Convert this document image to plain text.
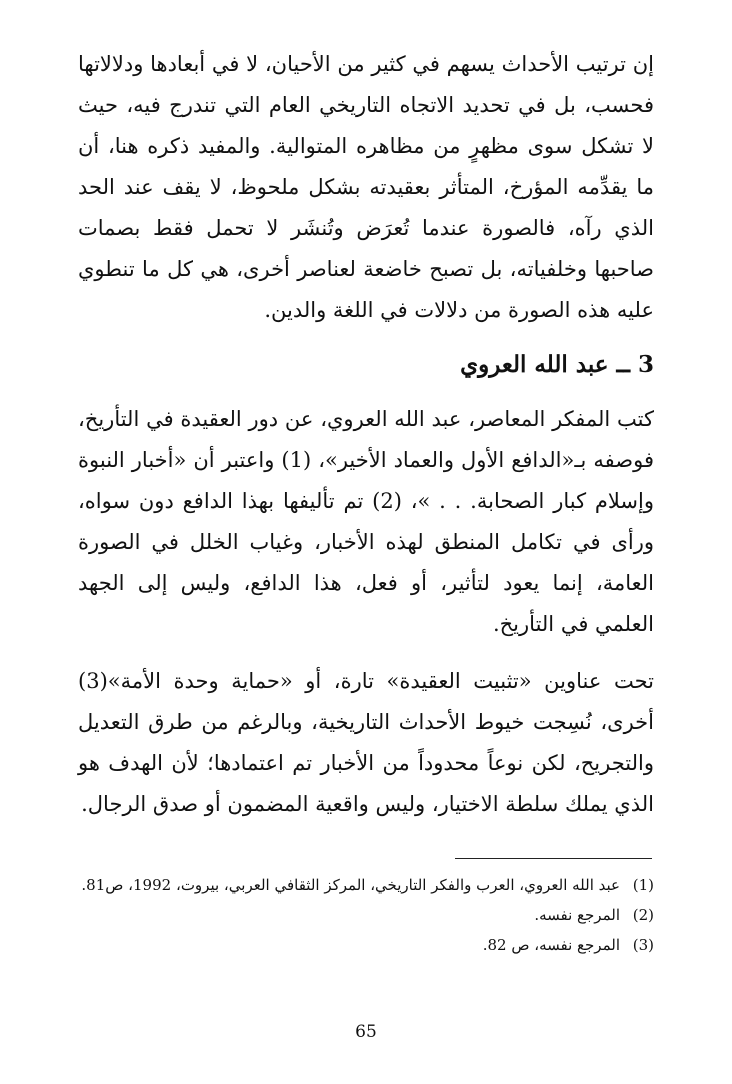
إن ترتيب الأحداث يسهم في كثير من الأحيان، لا في أبعادها ودلالاتها فحسب، بل في تحديد الاتجاه التاريخي العام التي تندرج فيه، حيث لا تشكل سوى مظهرٍ من مظاهره المتوالية. والمفيد ذكره هنا، أن ما يقدِّمه المؤرخ، المتأثر بعقيدته بشكل ملحوظ، لا يقف عند الحد الذي رآه، فالصورة عندما تُعرَض وتُنشَر لا تحمل فقط بصمات صاحبها وخلفياته، بل تصبح خاضعة لعناصر أخرى، هي كل ما تنطوي عليه هذه الصورة من دلالات في اللغة والدين.

3 ــ عبد الله العروي

كتب المفكر المعاصر، عبد الله العروي، عن دور العقيدة في التأريخ، فوصفه بـ«الدافع الأول والعماد الأخير»، (1) واعتبر أن «أخبار النبوة وإسلام كبار الصحابة. . . »، (2) تم تأليفها بهذا الدافع دون سواه، ورأى في تكامل المنطق لهذه الأخبار، وغياب الخلل في الصورة العامة، إنما يعود لتأثير، أو فعل، هذا الدافع، وليس إلى الجهد العلمي في التأريخ.

تحت عناوين «تثبيت العقيدة» تارة، أو «حماية وحدة الأمة»(3) أخرى، نُسِجت خيوط الأحداث التاريخية، وبالرغم من طرق التعديل والتجريح، لكن نوعاً محدوداً من الأخبار تم اعتمادها؛ لأن الهدف هو الذي يملك سلطة الاختيار، وليس واقعية المضمون أو صدق الرجال.

(1)
عبد الله العروي، العرب والفكر التاريخي، المركز الثقافي العربي، بيروت، 1992، ص81.
(2)
المرجع نفسه.
(3)
المرجع نفسه، ص 82.
65
